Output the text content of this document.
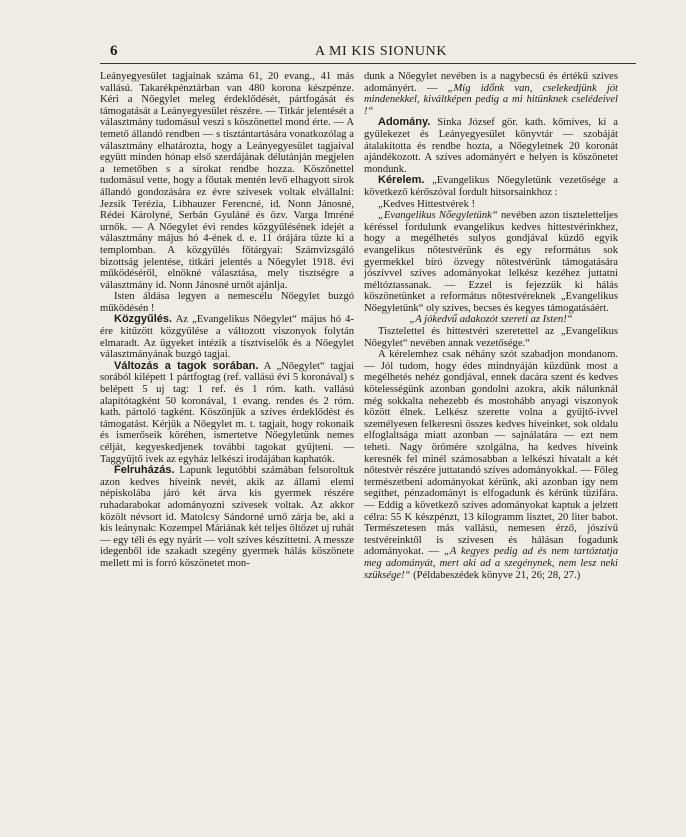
6	A MI KIS SIONUNK

Leányegyesület tagjainak száma 61, 20 evang., 41 más vallású. Takarékpénztárban van 480 korona készpénze. Kéri a Nőegylet meleg érdeklődését, pártfogását és támogatását a Leányegyesület részére. — Titkár jelentését a választmány tudomásul veszi s köszönettel mond érte. — A temető állandó rendben — s tisztántartására vonatkozólag a választmány elhatározta, hogy a Leányegyesület tagjaival együtt minden hónap első szerdájának délutánján megjelen a temetőben s a sírokat rendbe hozza. Köszönettel tudomásul vette, hogy a főutak mentén levő elhagyott sírok állandó gondozására ez évre szívesek voltak elvállalni: Jezsik Terézia, Libhauzer Ferencné, id. Nonn Jánosné, Rédei Károlyné, Serbán Gyuláné és özv. Varga Imréné urnők. — A Nőegylet évi rendes közgyűlésének idejét a választmány május hó 4-ének d. e. 11 órájára tűzte ki a templomban. A közgyűlés főtárgyai: Számvizsgáló bizottság jelentése, titkári jelentés a Nőegylet 1918. évi működéséről, elnökné választása, mely tisztségre a választmány id. Nonn Jánosné urnőt ajánlja.

Isten áldása legyen a nemescélu Nőegylet buzgó működésén !

Közgyűlés. Az „Evangelikus Nőegylet“ május hó 4-ére kitűzött közgyűlése a változott viszonyok folytán elmaradt. Az ügyeket intézik a tisztviselők és a Nőegylet választmányának buzgó tagjai.

Változás a tagok sorában. A „Nőegylet“ tagjai sorából kilépett 1 pártfogtag (ref. vallású évi 5 koronával) s belépett 5 uj tag: 1 ref. és 1 róm. kath. vallású alapítótagként 50 koronával, 1 evang. rendes és 2 róm. kath. pártoló tagként. Köszönjük a szíves érdeklődést és támogatást. Kérjük a Nőegylet m. t. tagjait, hogy rokonaik és ismerőseik köréhen, ismertetve Nőegyletünk nemes célját, kegyeskedjenek további tagokat gyűjteni. — Taggyűjtő ivek az egyház lelkészi irodájában kaphatók.

Felruházás. Lapunk legutóbbi számában felsoroltuk azon kedves híveink nevét, akik az állami elemi népiskolába járó két árva kis gyermek részére ruhadarabokat adományozni szívesek voltak. Az akkor közölt névsort id. Matolcsy Sándorné urnő zárja be, aki a kis leánynak: Kozempel Máriának két teljes öltözet uj ruhát — egy téli és egy nyárit — volt szíves készíttetni. A messze idegenből ide szakadt szegény gyermek hálás köszönete mellett mi is forró köszönetet mon-

dunk a Nőegylet nevében is a nagybecsű és értékű szíves adományért. — „Míg időnk van, cselekedjünk jót mindenekkel, kiváltképen pedig a mi hitünknek cselédeivel !“

Adomány. Sinka József gör. kath. kőmíves, ki a gyülekezet és Leányegyesület könyvtár — szobáját átalakította és rendbe hozta, a Nőegyletnek 20 koronát ajándékozott. A szíves adományért e helyen is köszönetet mondunk.

Kérelem. „Evangelikus Nőegyletünk vezetősége a következő kérőszóval fordult hitsorsainkhoz :

„Kedves Hittestvérek !

„Evangelikus Nőegyletünk“ nevében azon tiszteletteljes kéréssel fordulunk evangelikus kedves hittestvérinkhez, hogy a megélhetés sulyos gondjával küzdő egyik evangelikus nőtestvérünk és egy református sok gyermekkel bíró özvegy nőtestvérünk támogatására jószívvel szíves adományokat lelkész kezéhez juttatni méltóztassanak. — Ezzel is fejezzük ki hálás köszönetünket a református nőtestvéreknek „Evangelikus Nőegyletünk“ oly szíves, becses és kegyes támogatásáért.

„A jókedvű adakozót szereti az Isten!“

Tisztelettel és hittestvéri szeretettel az „Evangelikus Nőegylet“ nevében annak vezetősége.“

A kérelemhez csak néhány szót szabadjon mondanom. — Jól tudom, hogy édes mindnyáján küzdünk most a megélhetés nehéz gondjával, ennek dacára szent és kedves kötelességünk azonban gondolni azokra, akik nálunknál még sokkalta nehezebb és mostohább anyagi viszonyok között élnek. Lelkész szerette volna a gyűjtő-ivvel személyesen felkeresni összes kedves híveinket, sok oldalu elfoglaltsága miatt azonban — sajnálatára — ezt nem teheti. Nagy örömére szolgálna, ha kedves híveink keresnék fel minél számosabban a lelkészi hivatalt a két nőtestvér részére juttatandó szíves adományokkal. — Főleg természetbeni adományokat kérünk, aki azonban így nem segíthet, pénzadományt is elfogadunk és kérünk tüzifára. — Eddig a következő szíves adományokat kaptuk a jelzett célra: 55 K készpénzt, 13 kilogramm lisztet, 20 liter babot. Természetesen más vallású, nemesen érző, jószívű testvéreinktől is szívesen és hálásan fogadunk adományokat. — „A kegyes pedig ad és nem tartóztatja meg adományát, mert aki ad a szegénynek, nem lesz neki szüksége!“ (Példabeszédek könyve 21, 26; 28, 27.)
